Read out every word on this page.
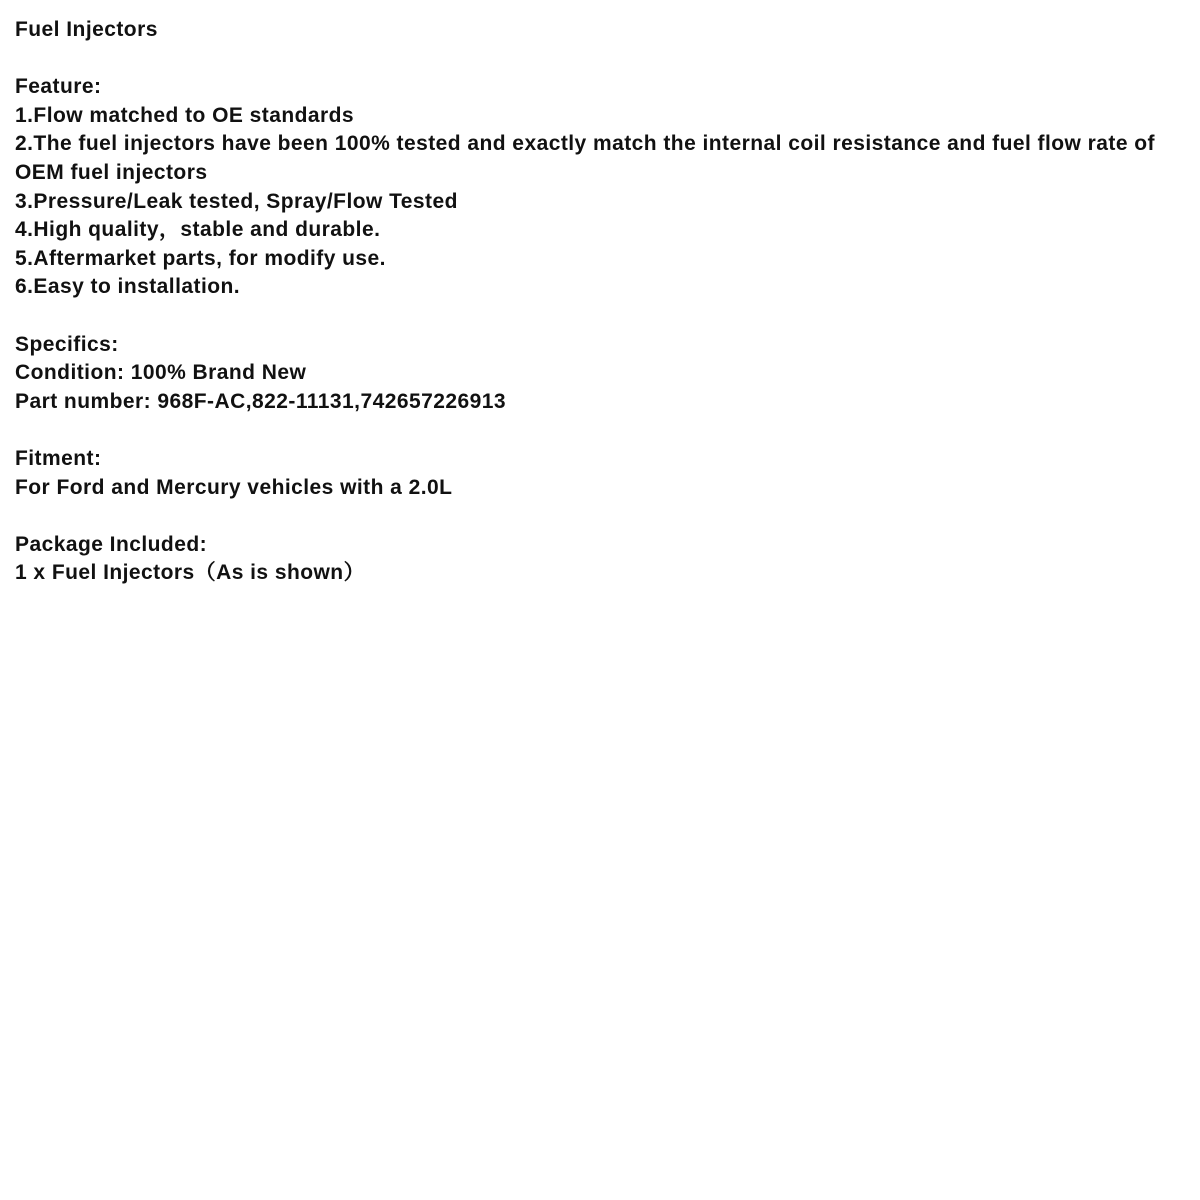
Fuel Injectors
Feature:
1.Flow matched to OE standards
2.The fuel injectors have been 100% tested and exactly match the internal coil resistance and fuel flow rate of OEM fuel injectors
3.Pressure/Leak tested, Spray/Flow Tested
4.High quality，stable and durable.
5.Aftermarket parts, for modify use.
6.Easy to installation.
Specifics:
Condition: 100% Brand New
Part number: 968F-AC,822-11131,742657226913
Fitment:
For Ford and Mercury vehicles with a 2.0L
Package Included:
1 x Fuel Injectors（As is shown）
